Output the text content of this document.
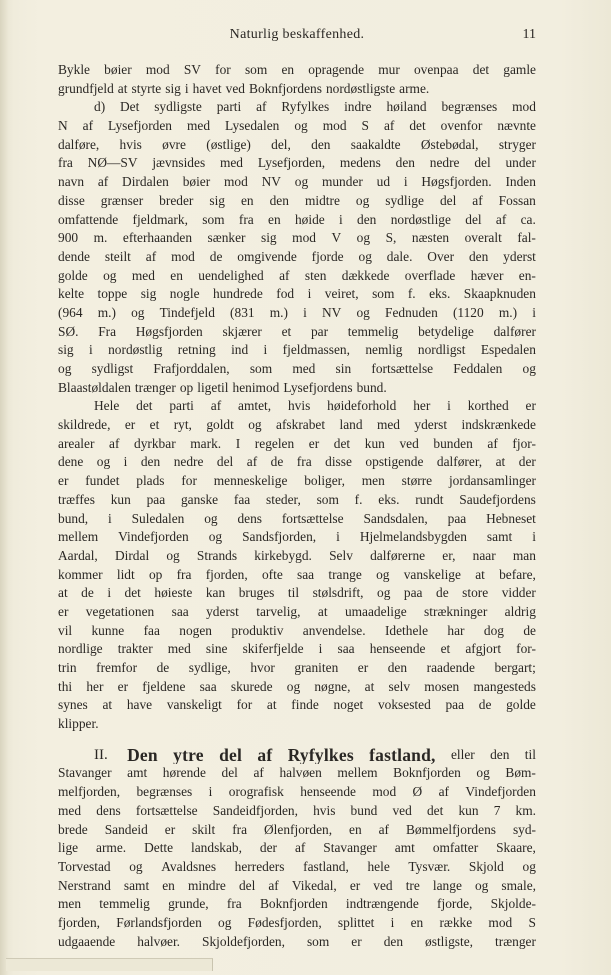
Naturlig beskaffenhed.	11
Bykle bøier mod SV for som en opragende mur ovenpaa det gamle
grundfjeld at styrte sig i havet ved Boknfjordens nordøstligste arme.
d) Det sydligste parti af Ryfylkes indre høiland begrænses mod
N af Lysefjorden med Lysedalen og mod S af det ovenfor nævnte
dalføre, hvis øvre (østlige) del, den saakaldte Østebødal, stryger
fra NØ—SV jævnsides med Lysefjorden, medens den nedre del under
navn af Dirdalen bøier mod NV og munder ud i Høgsfjorden. Inden
disse grænser breder sig en den midtre og sydlige del af Fossan
omfattende fjeldmark, som fra en høide i den nordøstlige del af ca.
900 m. efterhaanden sænker sig mod V og S, næsten overalt fal-
dende steilt af mod de omgivende fjorde og dale. Over den yderst
golde og med en uendelighed af sten dækkede overflade hæver en-
kelte toppe sig nogle hundrede fod i veiret, som f. eks. Skaapknuden
(964 m.) og Tindefjeld (831 m.) i NV og Fednuden (1120 m.) i
SØ. Fra Høgsfjorden skjærer et par temmelig betydelige dalfører
sig i nordøstlig retning ind i fjeldmassen, nemlig nordligst Espedalen
og sydligst Frafjorddalen, som med sin fortsættelse Feddalen og
Blaastøldalen trænger op ligetil henimod Lysefjordens bund.
Hele det parti af amtet, hvis høideforhold her i korthed er
skildrede, er et ryt, goldt og afskrabet land med yderst indskrænkede
arealer af dyrkbar mark. I regelen er det kun ved bunden af fjor-
dene og i den nedre del af de fra disse opstigende dalfører, at der
er fundet plads for menneskelige boliger, men større jordansamlinger
træffes kun paa ganske faa steder, som f. eks. rundt Saudefjordens
bund, i Suledalen og dens fortsættelse Sandsdalen, paa Hebneset
mellem Vindefjorden og Sandsfjorden, i Hjelmelandsbygden samt i
Aardal, Dirdal og Strands kirkebygd. Selv dalførerne er, naar man
kommer lidt op fra fjorden, ofte saa trange og vanskelige at befare,
at de i det høieste kan bruges til stølsdrift, og paa de store vidder
er vegetationen saa yderst tarvelig, at umaadelige strækninger aldrig
vil kunne faa nogen produktiv anvendelse. Idethele har dog de
nordlige trakter med sine skiferfjelde i saa henseende et afgjort for-
trin fremfor de sydlige, hvor graniten er den raadende bergart;
thi her er fjeldene saa skurede og nøgne, at selv mosen mangesteds
synes at have vanskeligt for at finde noget voksested paa de golde
klipper.
II. Den ytre del af Ryfylkes fastland, eller den til
Stavanger amt hørende del af halvøen mellem Boknfjorden og Bøm-
melfjorden, begrænses i orografisk henseende mod Ø af Vindefjorden
med dens fortsættelse Sandeidfjorden, hvis bund ved det kun 7 km.
brede Sandeid er skilt fra Ølenfjorden, en af Bømmelfjordens syd-
lige arme. Dette landskab, der af Stavanger amt omfatter Skaare,
Torvestad og Avaldsnes herreders fastland, hele Tysvær. Skjold og
Nerstrand samt en mindre del af Vikedal, er ved tre lange og smale,
men temmelig grunde, fra Boknfjorden indtrængende fjorde, Skjolde-
fjorden, Førlandsfjorden og Fødesfjorden, splittet i en række mod S
udgaaende halvøer. Skjoldefjorden, som er den østligste, trænger
